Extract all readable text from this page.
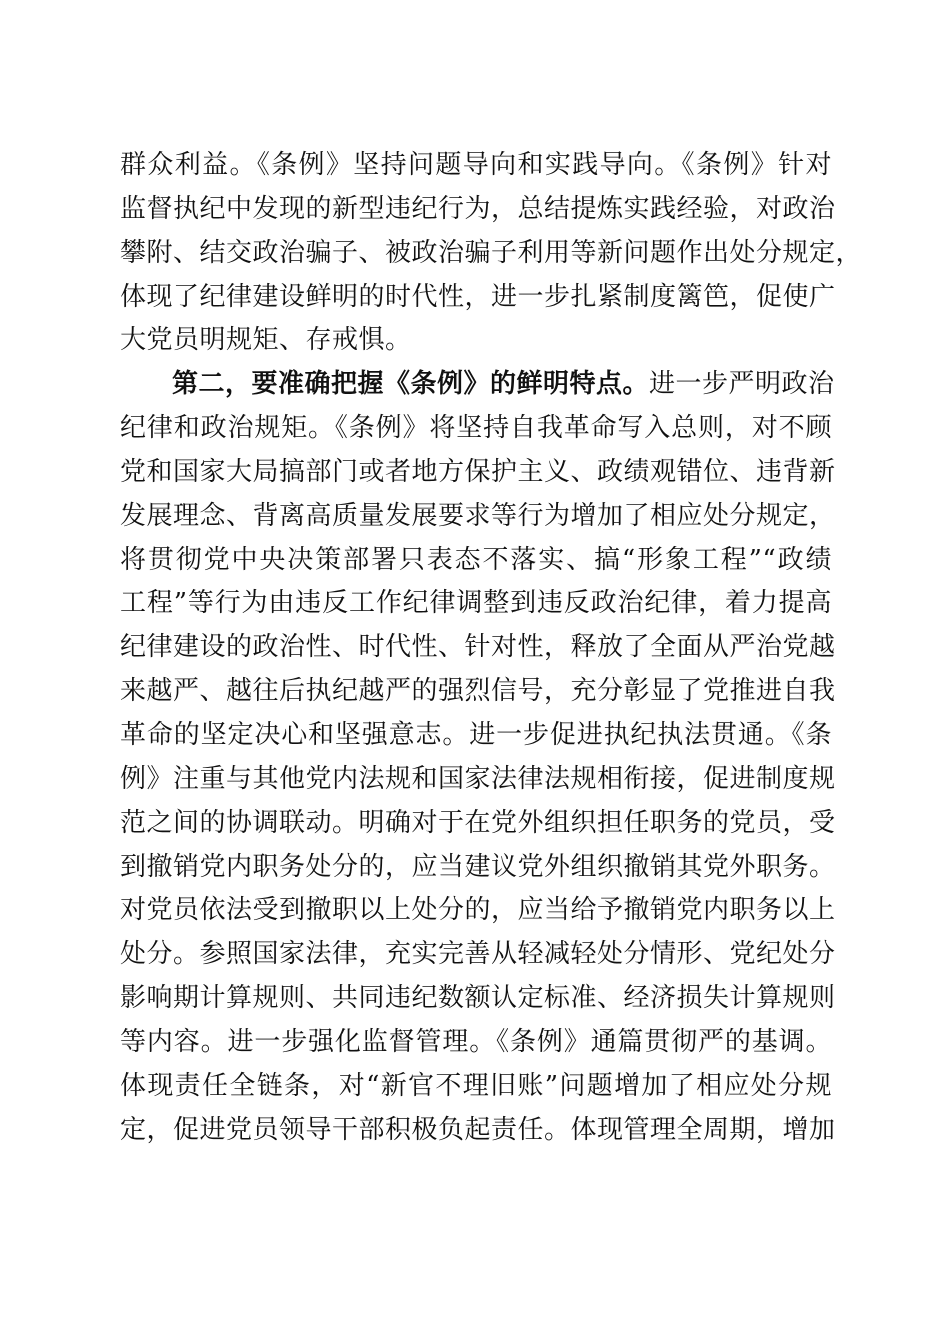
群众利益。《条例》坚持问题导向和实践导向。《条例》针对
监督执纪中发现的新型违纪行为，总结提炼实践经验，对政治
攀附、结交政治骗子、被政治骗子利用等新问题作出处分规定，
体现了纪律建设鲜明的时代性，进一步扎紧制度篱笆，促使广
大党员明规矩、存戒惧。
第二，要准确把握《条例》的鲜明特点。进一步严明政治
纪律和政治规矩。《条例》将坚持自我革命写入总则，对不顾
党和国家大局搞部门或者地方保护主义、政绩观错位、违背新
发展理念、背离高质量发展要求等行为增加了相应处分规定，
将贯彻党中央决策部署只表态不落实、搞“形象工程”“政绩
工程”等行为由违反工作纪律调整到违反政治纪律，着力提高
纪律建设的政治性、时代性、针对性，释放了全面从严治党越
来越严、越往后执纪越严的强烈信号，充分彰显了党推进自我
革命的坚定决心和坚强意志。进一步促进执纪执法贯通。《条
例》注重与其他党内法规和国家法律法规相衔接，促进制度规
范之间的协调联动。明确对于在党外组织担任职务的党员，受
到撤销党内职务处分的，应当建议党外组织撤销其党外职务。
对党员依法受到撤职以上处分的，应当给予撤销党内职务以上
处分。参照国家法律，充实完善从轻减轻处分情形、党纪处分
影响期计算规则、共同违纪数额认定标准、经济损失计算规则
等内容。进一步强化监督管理。《条例》通篇贯彻严的基调。
体现责任全链条，对“新官不理旧账”问题增加了相应处分规
定，促进党员领导干部积极负起责任。体现管理全周期，增加
